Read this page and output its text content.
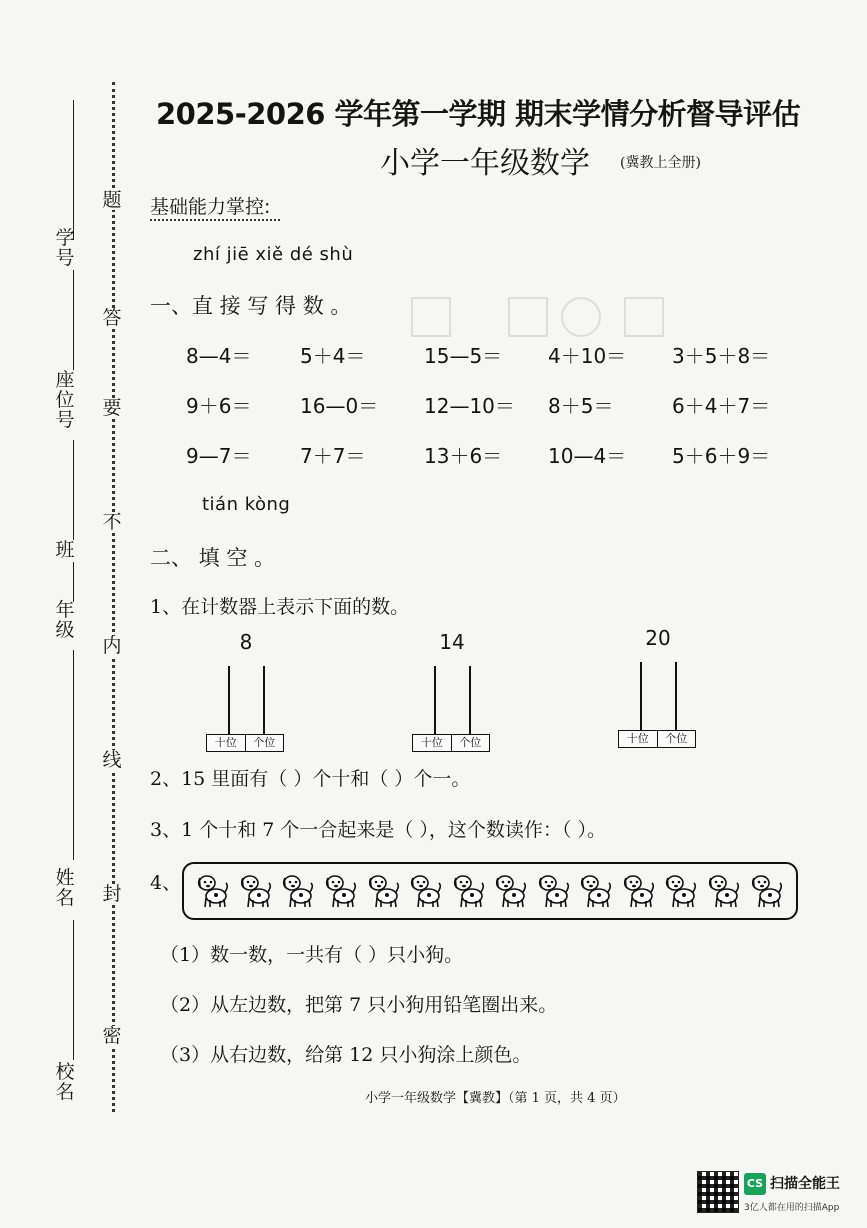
学号
座位号
班
年级
姓名
校名
题
答
要
不
内
线
封
密
2025-2026 学年第一学期 期末学情分析督导评估
小学一年级数学 (冀教上全册)
基础能力掌控:
zhí jiē xiě dé shù
一、直 接 写 得 数 。
8—4＝ 5＋4＝	15—5＝ 4＋10＝ 3＋5＋8＝
9＋6＝ 16—0＝ 12—10＝ 8＋5＝	6＋4＋7＝
9—7＝ 7＋7＝	13＋6＝ 10—4＝ 5＋6＋9＝
tián kòng
二、 填 空 。
1、在计数器上表示下面的数。
8
十位	个位
14
十位	个位
20
十位	个位
2、15 里面有（ ）个十和（ ）个一。
3、1 个十和 7 个一合起来是（ ），这个数读作：（ ）。
4、
（1）数一数，一共有（ ）只小狗。
（2）从左边数，把第 7 只小狗用铅笔圈出来。
（3）从右边数，给第 12 只小狗涂上颜色。
小学一年级数学【冀教】（第 1 页，共 4 页）
CS 扫描全能王
3亿人都在用的扫描App
